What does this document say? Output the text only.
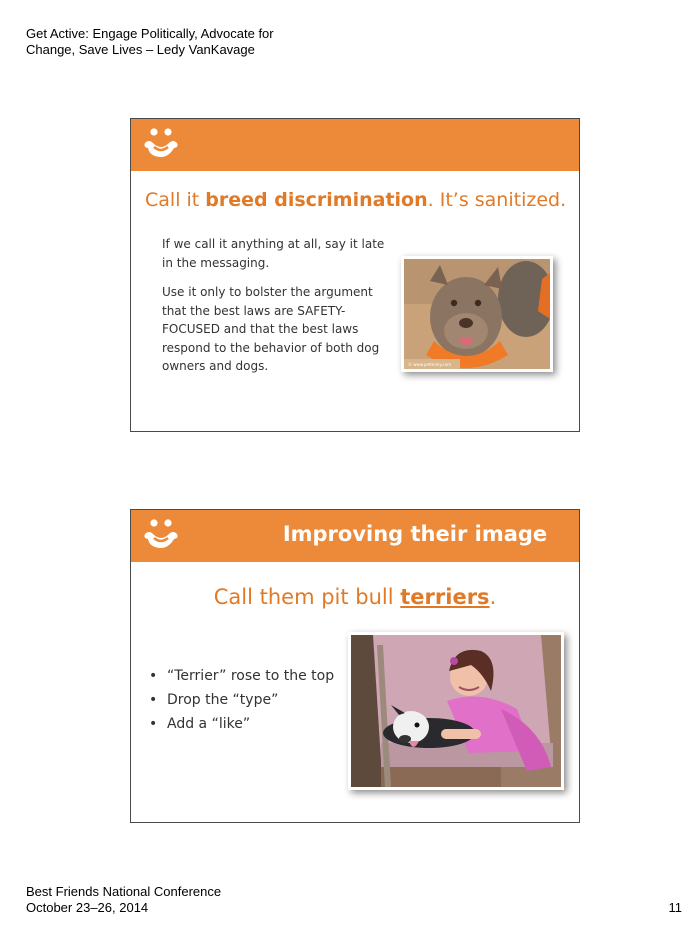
Get Active: Engage Politically, Advocate for
Change, Save Lives – Ledy VanKavage
Call it breed discrimination. It’s sanitized.

If we call it anything at all, say it late in the messaging.

Use it only to bolster the argument that the best laws are SAFETY-FOCUSED and that the best laws respond to the behavior of both dog owners and dogs.	© www.petmimy.com
Improving their image
Call them pit bull terriers.
• “Terrier” rose to the top
• Drop the “type”
• Add a “like”
Best Friends National Conference
October 23–26, 2014	11
